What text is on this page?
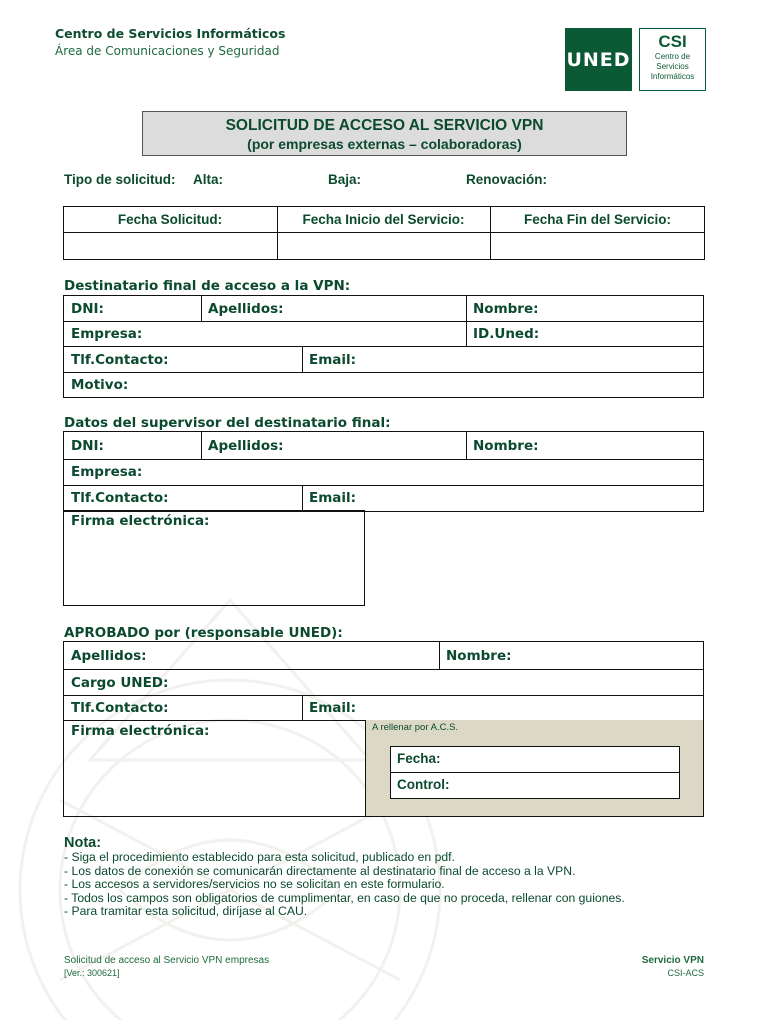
Centro de Servicios Informáticos
Área de Comunicaciones y Seguridad	UNED
CSI
Centro de
Servicios
Informáticos
SOLICITUD DE ACCESO AL SERVICIO VPN
(por empresas externas – colaboradoras)
Tipo de solicitud: Alta:	Baja:	Renovación:
Fecha Solicitud:	Fecha Inicio del Servicio:	Fecha Fin del Servicio:
Destinatario final de acceso a la VPN:
DNI:	Apellidos:	Nombre:
Empresa:	ID.Uned:
Tlf.Contacto:	Email:
Motivo:
Datos del supervisor del destinatario final:
DNI:	Apellidos:	Nombre:
Empresa:
Tlf.Contacto:	Email:
Firma electrónica:
APROBADO por (responsable UNED):
Apellidos:	Nombre:
Cargo UNED:
Tlf.Contacto:	Email:
Firma electrónica:	A rellenar por A.C.S.
Fecha:
Control:
Nota:
- Siga el procedimiento establecido para esta solicitud, publicado en pdf.
- Los datos de conexión se comunicarán directamente al destinatario final de acceso a la VPN.
- Los accesos a servidores/servicios no se solicitan en este formulario.
- Todos los campos son obligatorios de cumplimentar, en caso de que no proceda, rellenar con guiones.
- Para tramitar esta solicitud, diríjase al CAU.
Solicitud de acceso al Servicio VPN empresas
[Ver.: 300621]
Servicio VPN
CSI-ACS
